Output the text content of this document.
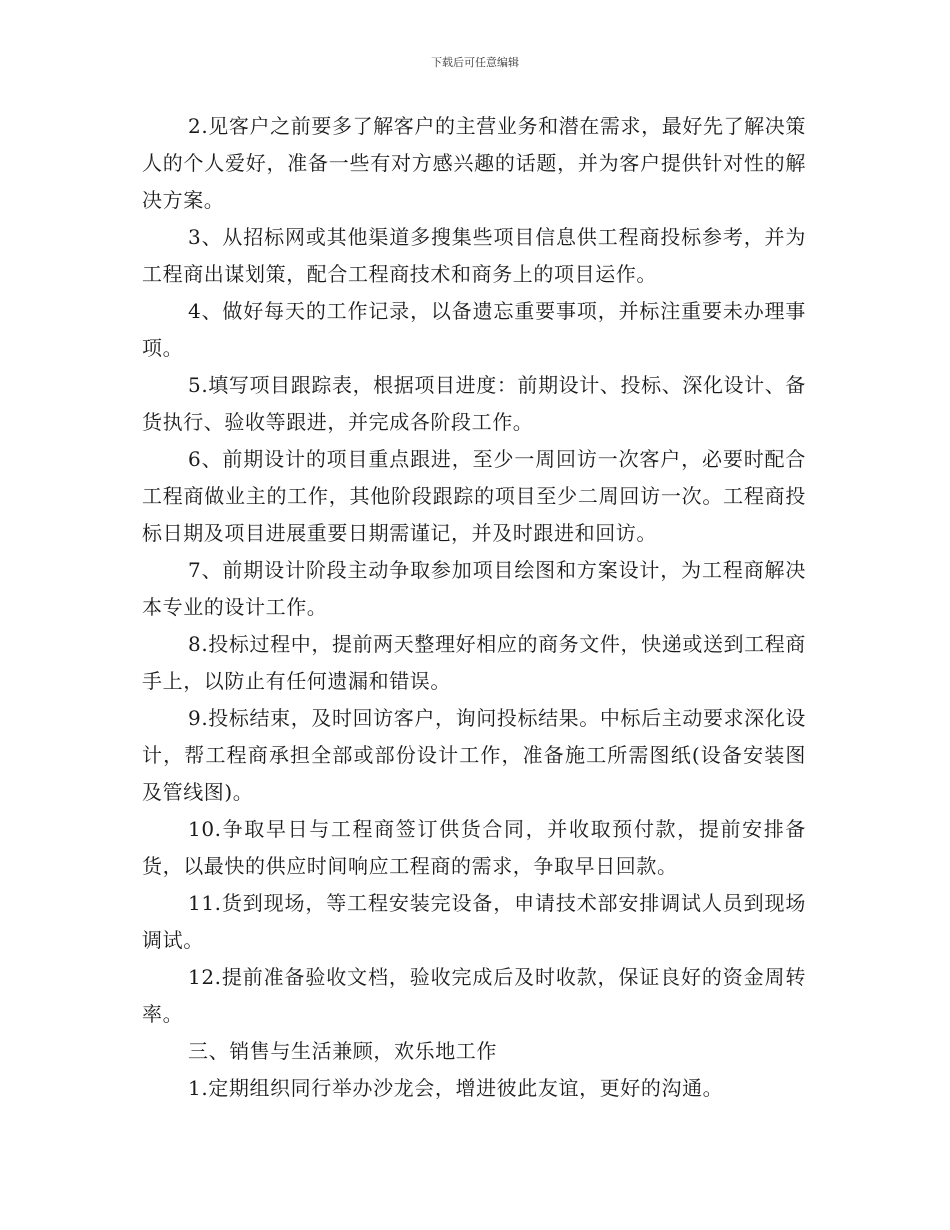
下载后可任意编辑

2.见客户之前要多了解客户的主营业务和潜在需求，最好先了解决策人的个人爱好，准备一些有对方感兴趣的话题，并为客户提供针对性的解决方案。

3、从招标网或其他渠道多搜集些项目信息供工程商投标参考，并为工程商出谋划策，配合工程商技术和商务上的项目运作。

4、做好每天的工作记录，以备遗忘重要事项，并标注重要未办理事项。

5.填写项目跟踪表，根据项目进度：前期设计、投标、深化设计、备货执行、验收等跟进，并完成各阶段工作。

6、前期设计的项目重点跟进，至少一周回访一次客户，必要时配合工程商做业主的工作，其他阶段跟踪的项目至少二周回访一次。工程商投标日期及项目进展重要日期需谨记，并及时跟进和回访。

7、前期设计阶段主动争取参加项目绘图和方案设计，为工程商解决本专业的设计工作。

8.投标过程中，提前两天整理好相应的商务文件，快递或送到工程商手上，以防止有任何遗漏和错误。

9.投标结束，及时回访客户，询问投标结果。中标后主动要求深化设计，帮工程商承担全部或部份设计工作，准备施工所需图纸(设备安装图及管线图)。

10.争取早日与工程商签订供货合同，并收取预付款，提前安排备货，以最快的供应时间响应工程商的需求，争取早日回款。

11.货到现场，等工程安装完设备，申请技术部安排调试人员到现场调试。

12.提前准备验收文档，验收完成后及时收款，保证良好的资金周转率。

三、销售与生活兼顾，欢乐地工作

1.定期组织同行举办沙龙会，增进彼此友谊，更好的沟通。
